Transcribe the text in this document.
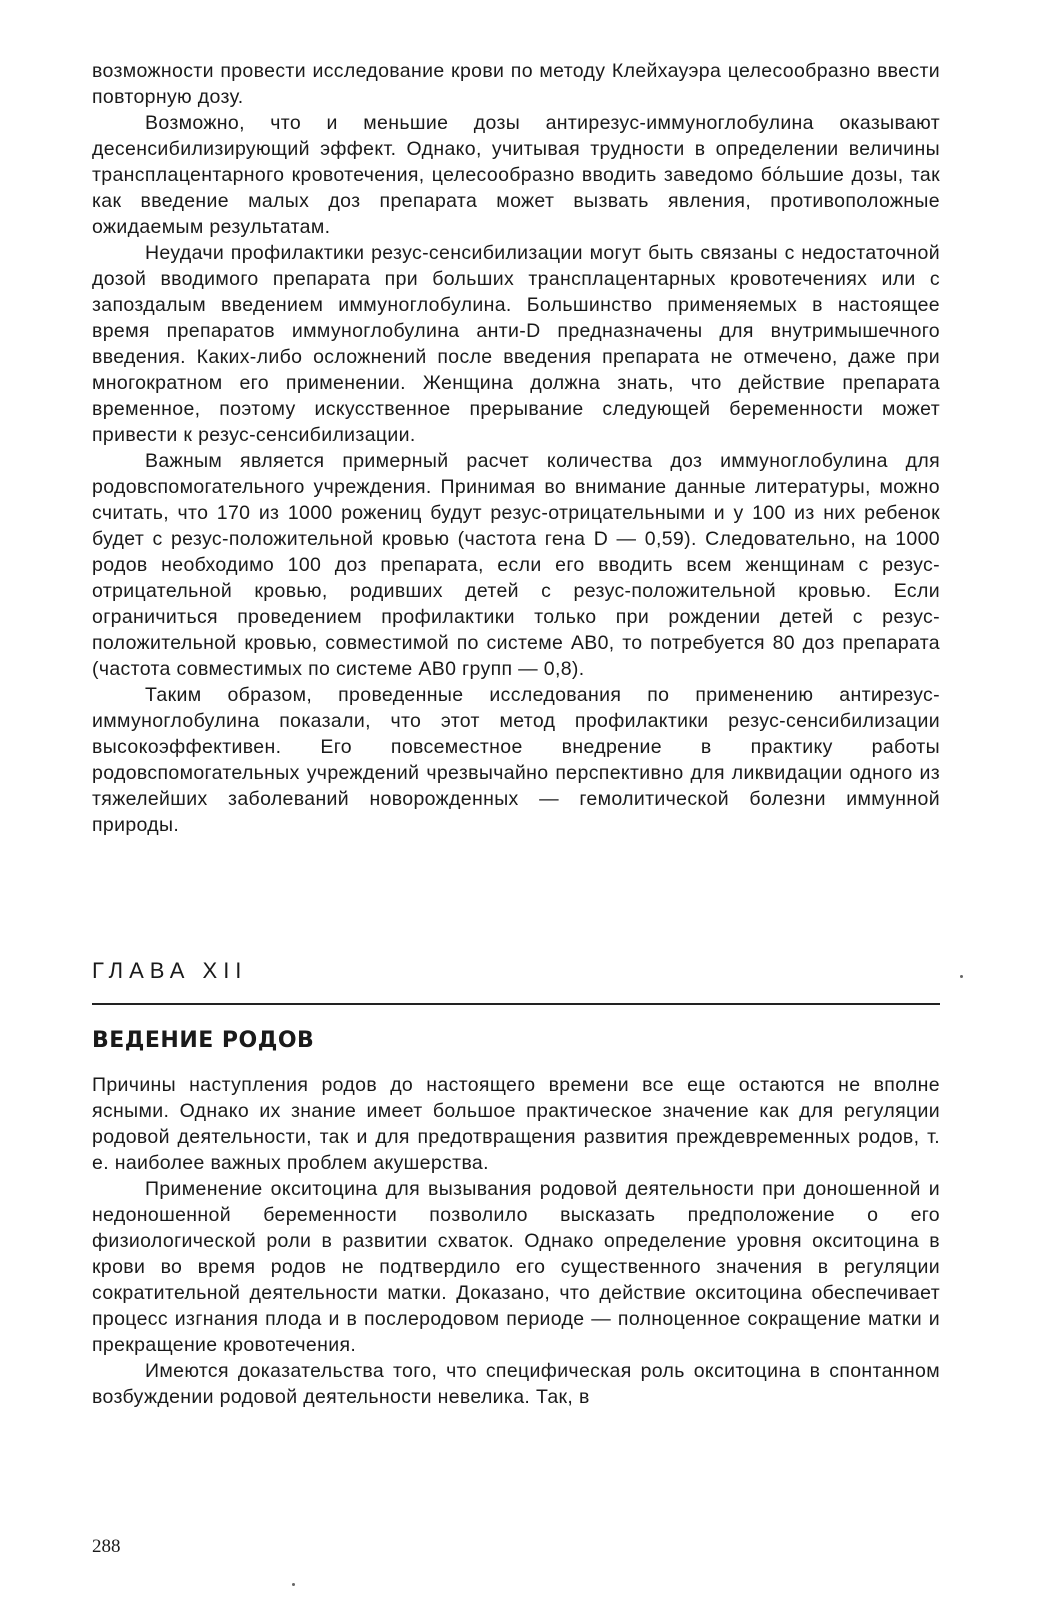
возможности провести исследование крови по методу Клейхауэра целесообразно ввести повторную дозу.

Возможно, что и меньшие дозы антирезус-иммуноглобулина оказывают десенсибилизирующий эффект. Однако, учитывая трудности в определении величины трансплацентарного кровотечения, целесообразно вводить заведомо бо́льшие дозы, так как введение малых доз препарата может вызвать явления, противоположные ожидаемым результатам.

Неудачи профилактики резус-сенсибилизации могут быть связаны с недостаточной дозой вводимого препарата при больших трансплацентарных кровотечениях или с запоздалым введением иммуноглобулина. Большинство применяемых в настоящее время препаратов иммуноглобулина анти-D предназначены для внутримышечного введения. Каких-либо осложнений после введения препарата не отмечено, даже при многократном его применении. Женщина должна знать, что действие препарата временное, поэтому искусственное прерывание следующей беременности может привести к резус-сенсибилизации.

Важным является примерный расчет количества доз иммуноглобулина для родовспомогательного учреждения. Принимая во внимание данные литературы, можно считать, что 170 из 1000 рожениц будут резус-отрицательными и у 100 из них ребенок будет с резус-положительной кровью (частота гена D — 0,59). Следовательно, на 1000 родов необходимо 100 доз препарата, если его вводить всем женщинам с резус-отрицательной кровью, родивших детей с резус-положительной кровью. Если ограничиться проведением профилактики только при рождении детей с резус-положительной кровью, совместимой по системе АВ0, то потребуется 80 доз препарата (частота совместимых по системе АВ0 групп — 0,8).

Таким образом, проведенные исследования по применению антирезус-иммуноглобулина показали, что этот метод профилактики резус-сенсибилизации высокоэффективен. Его повсеместное внедрение в практику работы родовспомогательных учреждений чрезвычайно перспективно для ликвидации одного из тяжелейших заболеваний новорожденных — гемолитической болезни иммунной природы.

ГЛАВА XII
ВЕДЕНИЕ РОДОВ

Причины наступления родов до настоящего времени все еще остаются не вполне ясными. Однако их знание имеет большое практическое значение как для регуляции родовой деятельности, так и для предотвращения развития преждевременных родов, т. е. наиболее важных проблем акушерства.

Применение окситоцина для вызывания родовой деятельности при доношенной и недоношенной беременности позволило высказать предположение о его физиологической роли в развитии схваток. Однако определение уровня окситоцина в крови во время родов не подтвердило его существенного значения в регуляции сократительной деятельности матки. Доказано, что действие окситоцина обеспечивает процесс изгнания плода и в послеродовом периоде — полноценное сокращение матки и прекращение кровотечения.

Имеются доказательства того, что специфическая роль окситоцина в спонтанном возбуждении родовой деятельности невелика. Так, в

288
